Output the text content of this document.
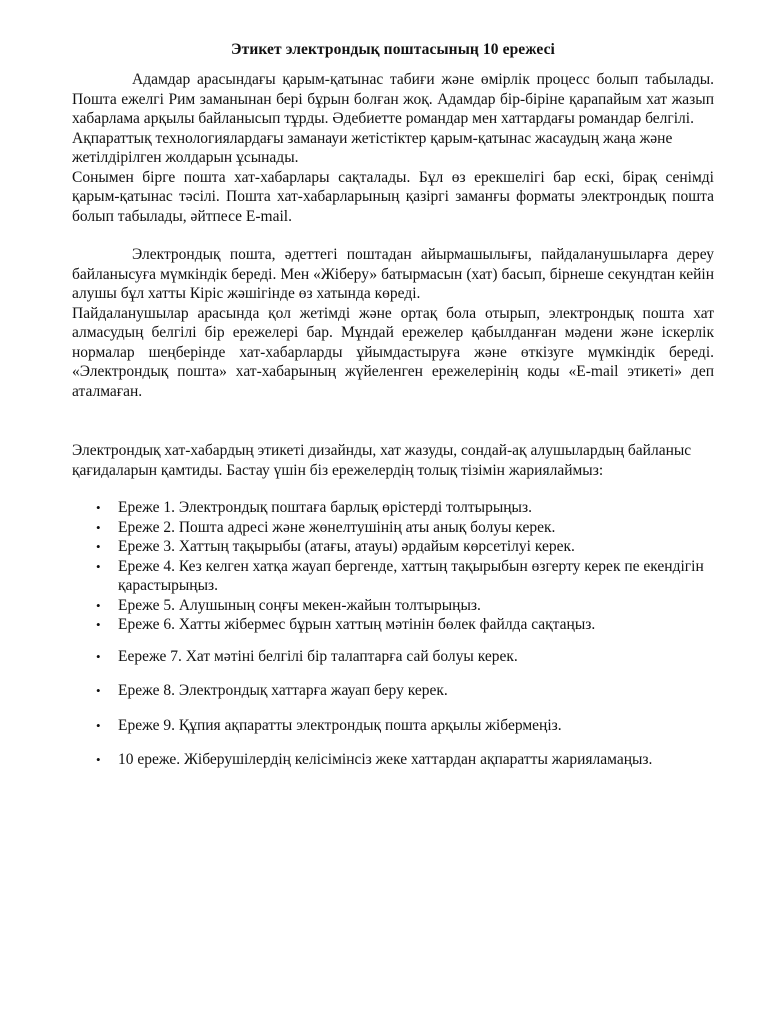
Этикет электрондық поштасының 10 ережесі

Адамдар арасындағы қарым-қатынас табиғи және өмірлік процесс болып табылады. Пошта ежелгі Рим заманынан бері бұрын болған жоқ. Адамдар бір-біріне қарапайым хат жазып хабарлама арқылы байланысып тұрды. Әдебиетте романдар мен хаттардағы романдар белгілі.

Ақпараттық технологиялардағы заманауи жетістіктер қарым-қатынас жасаудың жаңа және жетілдірілген жолдарын ұсынады.

Сонымен бірге пошта хат-хабарлары сақталады. Бұл өз ерекшелігі бар ескі, бірақ сенімді қарым-қатынас тәсілі. Пошта хат-хабарларының қазіргі заманғы форматы электрондық пошта болып табылады, әйтпесе E-mail.

Электрондық пошта, әдеттегі поштадан айырмашылығы, пайдаланушыларға дереу байланысуға мүмкіндік береді. Мен «Жіберу» батырмасын (хат) басып, бірнеше секундтан кейін алушы бұл хатты Кіріс жәшігінде өз хатында көреді.

Пайдаланушылар арасында қол жетімді және ортақ бола отырып, электрондық пошта хат алмасудың белгілі бір ережелері бар. Мұндай ережелер қабылданған мәдени және іскерлік нормалар шеңберінде хат-хабарларды ұйымдастыруға және өткізуге мүмкіндік береді. «Электрондық пошта» хат-хабарының жүйеленген ережелерінің коды «E-mail этикеті» деп аталмаған.

Электрондық хат-хабардың этикеті дизайнды, хат жазуды, сондай-ақ алушылардың байланыс қағидаларын қамтиды. Бастау үшін біз ережелердің толық тізімін жариялаймыз:

• Ереже 1. Электрондық поштаға барлық өрістерді толтырыңыз.
• Ереже 2. Пошта адресі және жөнелтушінің аты анық болуы керек.
• Ереже 3. Хаттың тақырыбы (атағы, атауы) әрдайым көрсетілуі керек.
• Ереже 4. Кез келген хатқа жауап бергенде, хаттың тақырыбын өзгерту керек пе екендігін қарастырыңыз.
• Ереже 5. Алушының соңғы мекен-жайын толтырыңыз.
• Ереже 6. Хатты жібермес бұрын хаттың мәтінін бөлек файлда сақтаңыз.
• Еереже 7. Хат мәтіні белгілі бір талаптарға сай болуы керек.
• Ереже 8. Электрондық хаттарға жауап беру керек.
• Ереже 9. Құпия ақпаратты электрондық пошта арқылы жібермеңіз.
• 10 ереже. Жіберушілердің келісімінсіз жеке хаттардан ақпаратты жарияламаңыз.
